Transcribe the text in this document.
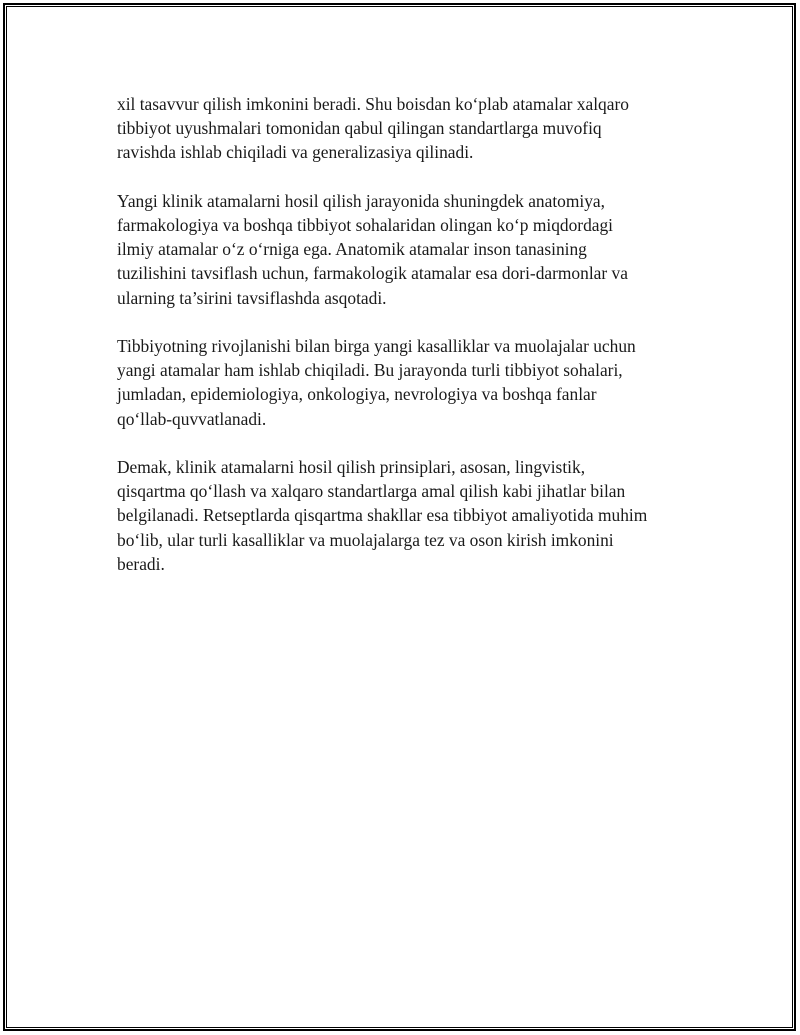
xil tasavvur qilish imkonini beradi. Shu boisdan ko‘plab atamalar xalqaro
tibbiyot uyushmalari tomonidan qabul qilingan standartlarga muvofiq
ravishda ishlab chiqiladi va generalizasiya qilinadi.

Yangi klinik atamalarni hosil qilish jarayonida shuningdek anatomiya,
farmakologiya va boshqa tibbiyot sohalaridan olingan ko‘p miqdordagi
ilmiy atamalar o‘z o‘rniga ega. Anatomik atamalar inson tanasining
tuzilishini tavsiflash uchun, farmakologik atamalar esa dori-darmonlar va
ularning ta’sirini tavsiflashda asqotadi.

Tibbiyotning rivojlanishi bilan birga yangi kasalliklar va muolajalar uchun
yangi atamalar ham ishlab chiqiladi. Bu jarayonda turli tibbiyot sohalari,
jumladan, epidemiologiya, onkologiya, nevrologiya va boshqa fanlar
qo‘llab-quvvatlanadi.

Demak, klinik atamalarni hosil qilish prinsiplari, asosan, lingvistik,
qisqartma qo‘llash va xalqaro standartlarga amal qilish kabi jihatlar bilan
belgilanadi. Retseptlarda qisqartma shakllar esa tibbiyot amaliyotida muhim
bo‘lib, ular turli kasalliklar va muolajalarga tez va oson kirish imkonini
beradi.
